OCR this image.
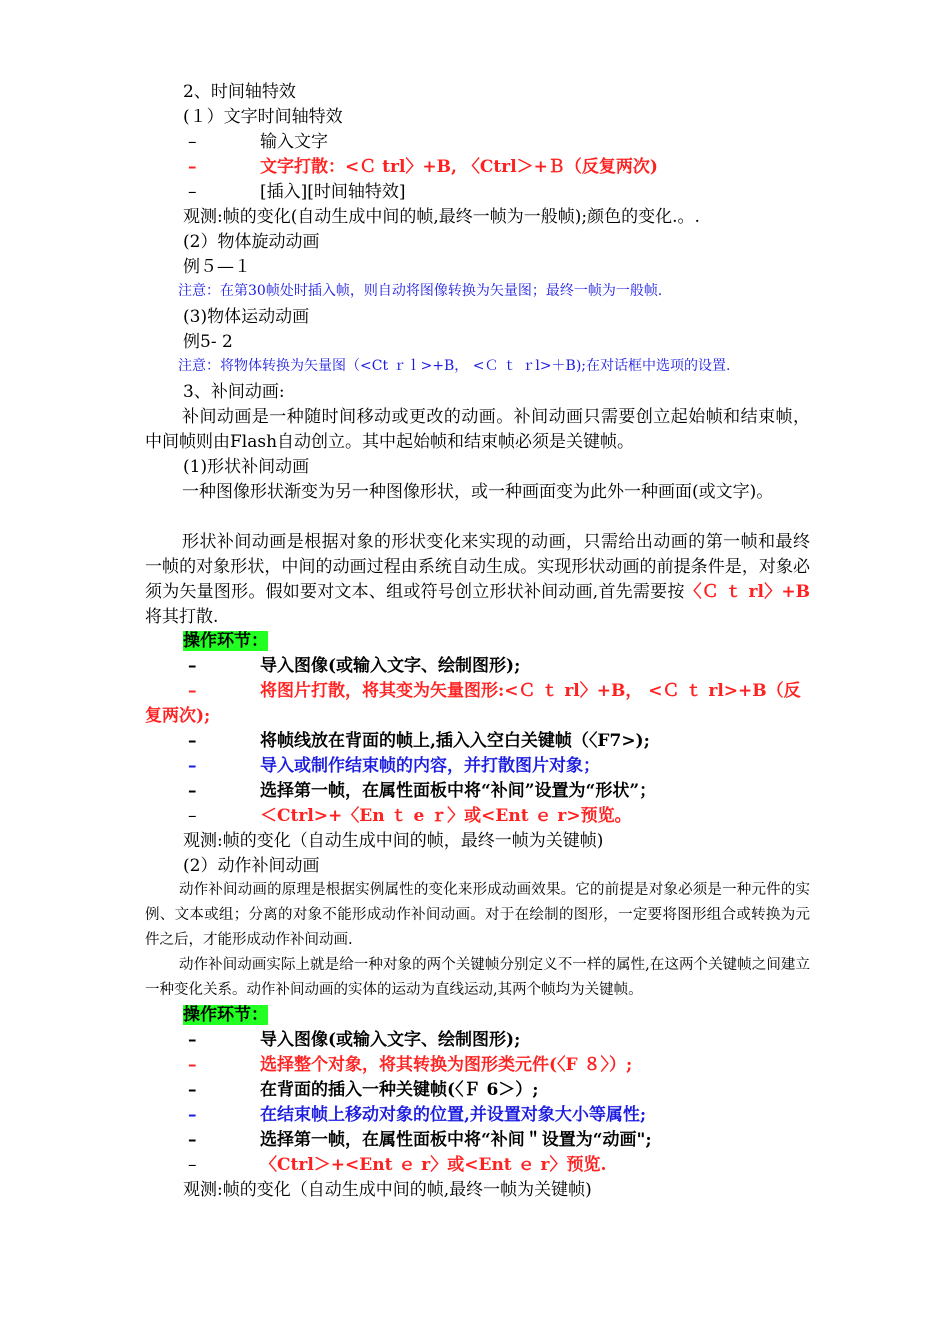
2、时间轴特效
(１）文字时间轴特效
–	输入文字
–	文字打散：<Ｃ trl〉+B, 〈Ctrl＞+Ｂ（反复两次)
–	[插入][时间轴特效]
观测:帧的变化(自动生成中间的帧,最终一帧为一般帧);颜色的变化.。.
(2）物体旋动动画
例５—１
注意：在第30帧处时插入帧，则自动将图像转换为矢量图；最终一帧为一般帧.
(3)物体运动动画
例5- 2
注意：将物体转换为矢量图（<Ct ｒｌ>+B， <Ｃ ｔ ｒl>＋B);在对话框中选项的设置.
3、补间动画:
补间动画是一种随时间移动或更改的动画。补间动画只需要创立起始帧和结束帧，中间帧则由Flash自动创立。其中起始帧和结束帧必须是关键帧。
(1)形状补间动画
一种图像形状渐变为另一种图像形状，或一种画面变为此外一种画面(或文字)。
形状补间动画是根据对象的形状变化来实现的动画，只需给出动画的第一帧和最终一帧的对象形状，中间的动画过程由系统自动生成。实现形状动画的前提条件是，对象必须为矢量图形。假如要对文本、组或符号创立形状补间动画,首先需要按〈Ｃ ｔ rl〉+B将其打散.
操作环节：
–	导入图像(或输入文字、绘制图形);
–	将图片打散，将其变为矢量图形:<Ｃ ｔ rl〉+B， <Ｃ ｔ rl>+B（反
复两次);
–	将帧线放在背面的帧上,插入入空白关键帧（〈F7>);
–	导入或制作结束帧的内容，并打散图片对象；
–	选择第一帧，在属性面板中将“补间”设置为“形状”；
–	＜Ctrl>+〈En ｔ e ｒ〉或<Ent ｅ r>预览。
观测:帧的变化（自动生成中间的帧，最终一帧为关键帧)
(2）动作补间动画
动作补间动画的原理是根据实例属性的变化来形成动画效果。它的前提是对象必须是一种元件的实例、文本或组；分离的对象不能形成动作补间动画。对于在绘制的图形，一定要将图形组合或转换为元件之后，才能形成动作补间动画.
动作补间动画实际上就是给一种对象的两个关键帧分别定义不一样的属性,在这两个关键帧之间建立一种变化关系。动作补间动画的实体的运动为直线运动,其两个帧均为关键帧。
操作环节：
–	导入图像(或输入文字、绘制图形);
–	选择整个对象，将其转换为图形类元件(〈F ８〉）;
–	在背面的插入一种关键帧(〈Ｆ 6＞）;
–	在结束帧上移动对象的位置,并设置对象大小等属性;
–	选择第一帧，在属性面板中将“补间＂设置为“动画";
–	〈Ctrl＞+<Ent ｅ r〉或<Ent ｅ r〉预览.
观测:帧的变化（自动生成中间的帧,最终一帧为关键帧)
